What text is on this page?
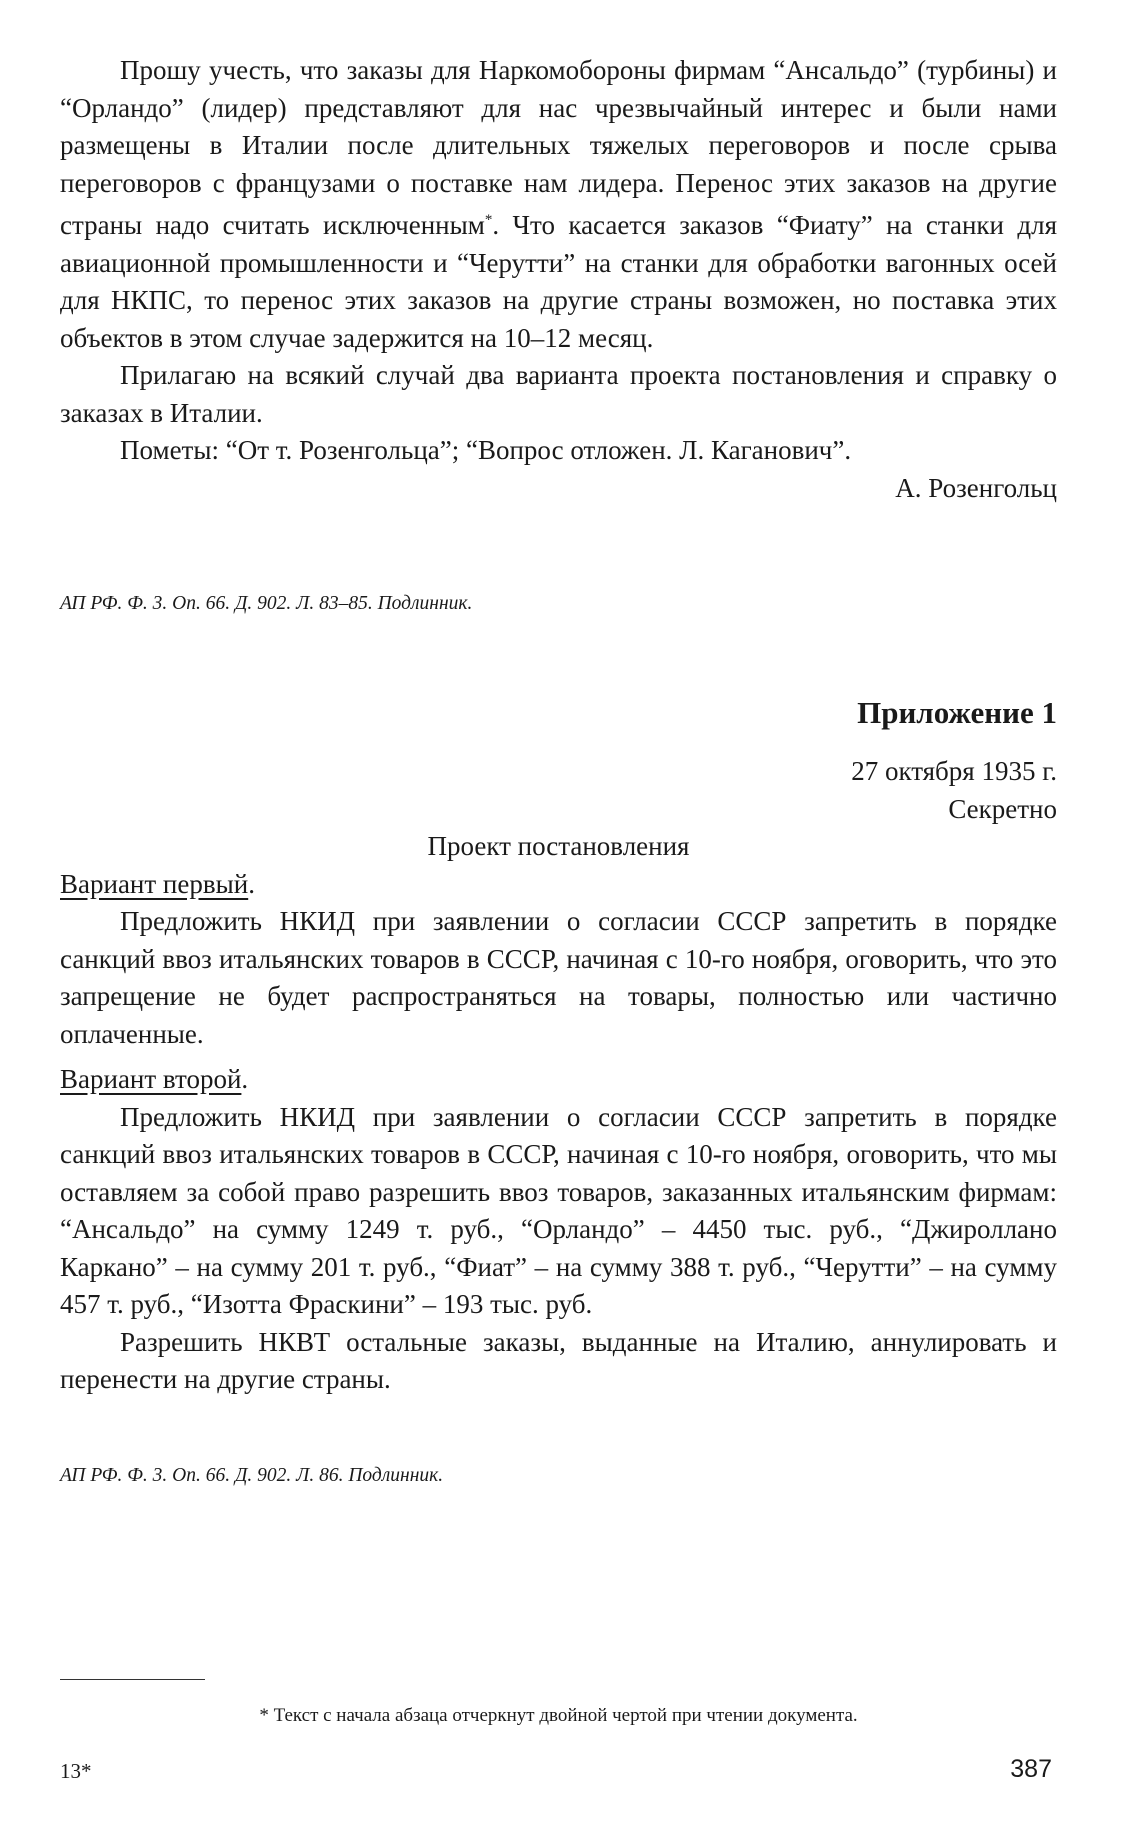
Прошу учесть, что заказы для Наркомобороны фирмам “Ансальдо” (турбины) и “Орландо” (лидер) представляют для нас чрезвычайный интерес и были нами размещены в Италии после длительных тяжелых переговоров и после срыва переговоров с французами о поставке нам лидера. Перенос этих заказов на другие страны надо считать исключенным*. Что касается заказов “Фиату” на станки для авиационной промышленности и “Черутти” на станки для обработки вагонных осей для НКПС, то перенос этих заказов на другие страны возможен, но поставка этих объектов в этом случае задержится на 10–12 месяц.

Прилагаю на всякий случай два варианта проекта постановления и справку о заказах в Италии.

Пометы: “От т. Розенгольца”; “Вопрос отложен. Л. Каганович”.

А. Розенгольц

АП РФ. Ф. 3. Оп. 66. Д. 902. Л. 83–85. Подлинник.

Приложение 1

27 октября 1935 г.

Секретно

Проект постановления

Вариант первый.

Предложить НКИД при заявлении о согласии СССР запретить в порядке санкций ввоз итальянских товаров в СССР, начиная с 10-го ноября, оговорить, что это запрещение не будет распространяться на товары, полностью или частично оплаченные.

Вариант второй.

Предложить НКИД при заявлении о согласии СССР запретить в порядке санкций ввоз итальянских товаров в СССР, начиная с 10-го ноября, оговорить, что мы оставляем за собой право разрешить ввоз товаров, заказанных итальянским фирмам: “Ансальдо” на сумму 1249 т. руб., “Орландо” – 4450 тыс. руб., “Джироллано Каркано” – на сумму 201 т. руб., “Фиат” – на сумму 388 т. руб., “Черутти” – на сумму 457 т. руб., “Изотта Фраскини” – 193 тыс. руб.

Разрешить НКВТ остальные заказы, выданные на Италию, аннулировать и перенести на другие страны.

АП РФ. Ф. 3. Оп. 66. Д. 902. Л. 86. Подлинник.

* Текст с начала абзаца отчеркнут двойной чертой при чтении документа.
13*	387
